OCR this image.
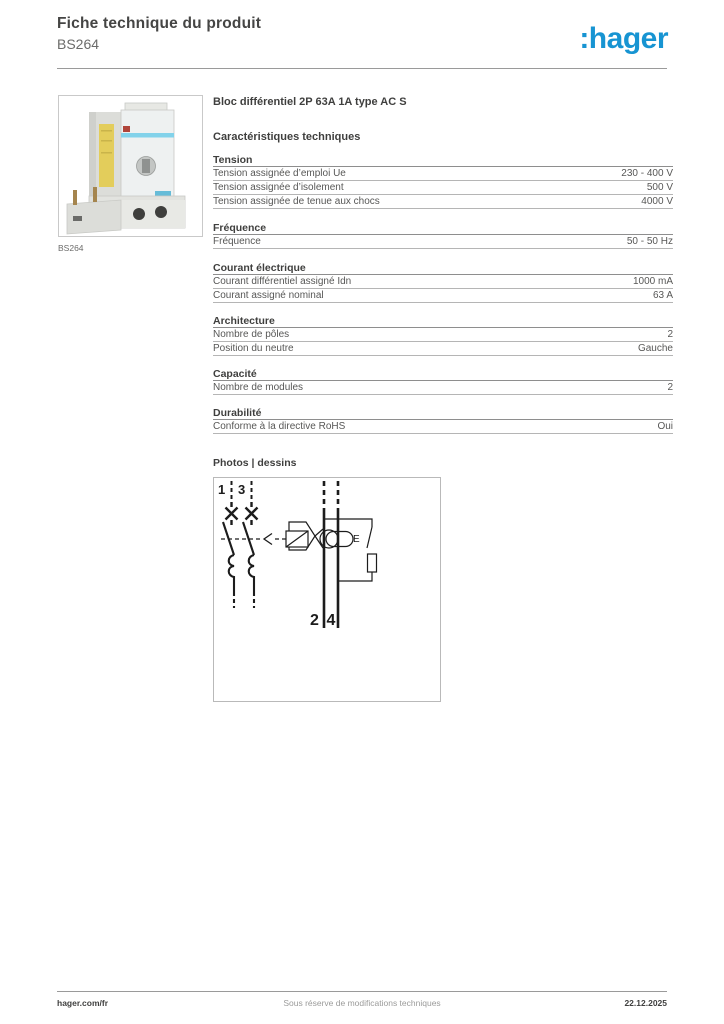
Fiche technique du produit
BS264	:hager
BS264
Bloc différentiel 2P 63A 1A type AC S
Caractéristiques techniques
Tension
Tension assignée d’emploi Ue	230 - 400 V
Tension assignée d’isolement	500 V
Tension assignée de tenue aux chocs	4000 V
Fréquence
Fréquence	50 - 50 Hz
Courant électrique
Courant différentiel assigné Idn	1000 mA
Courant assigné nominal	63 A
Architecture
Nombre de pôles	2
Position du neutre	Gauche
Capacité
Nombre de modules	2
Durabilité
Conforme à la directive RoHS	Oui
Photos | dessins
1 3
2 4
E
hager.com/fr	Sous réserve de modifications techniques	22.12.2025
